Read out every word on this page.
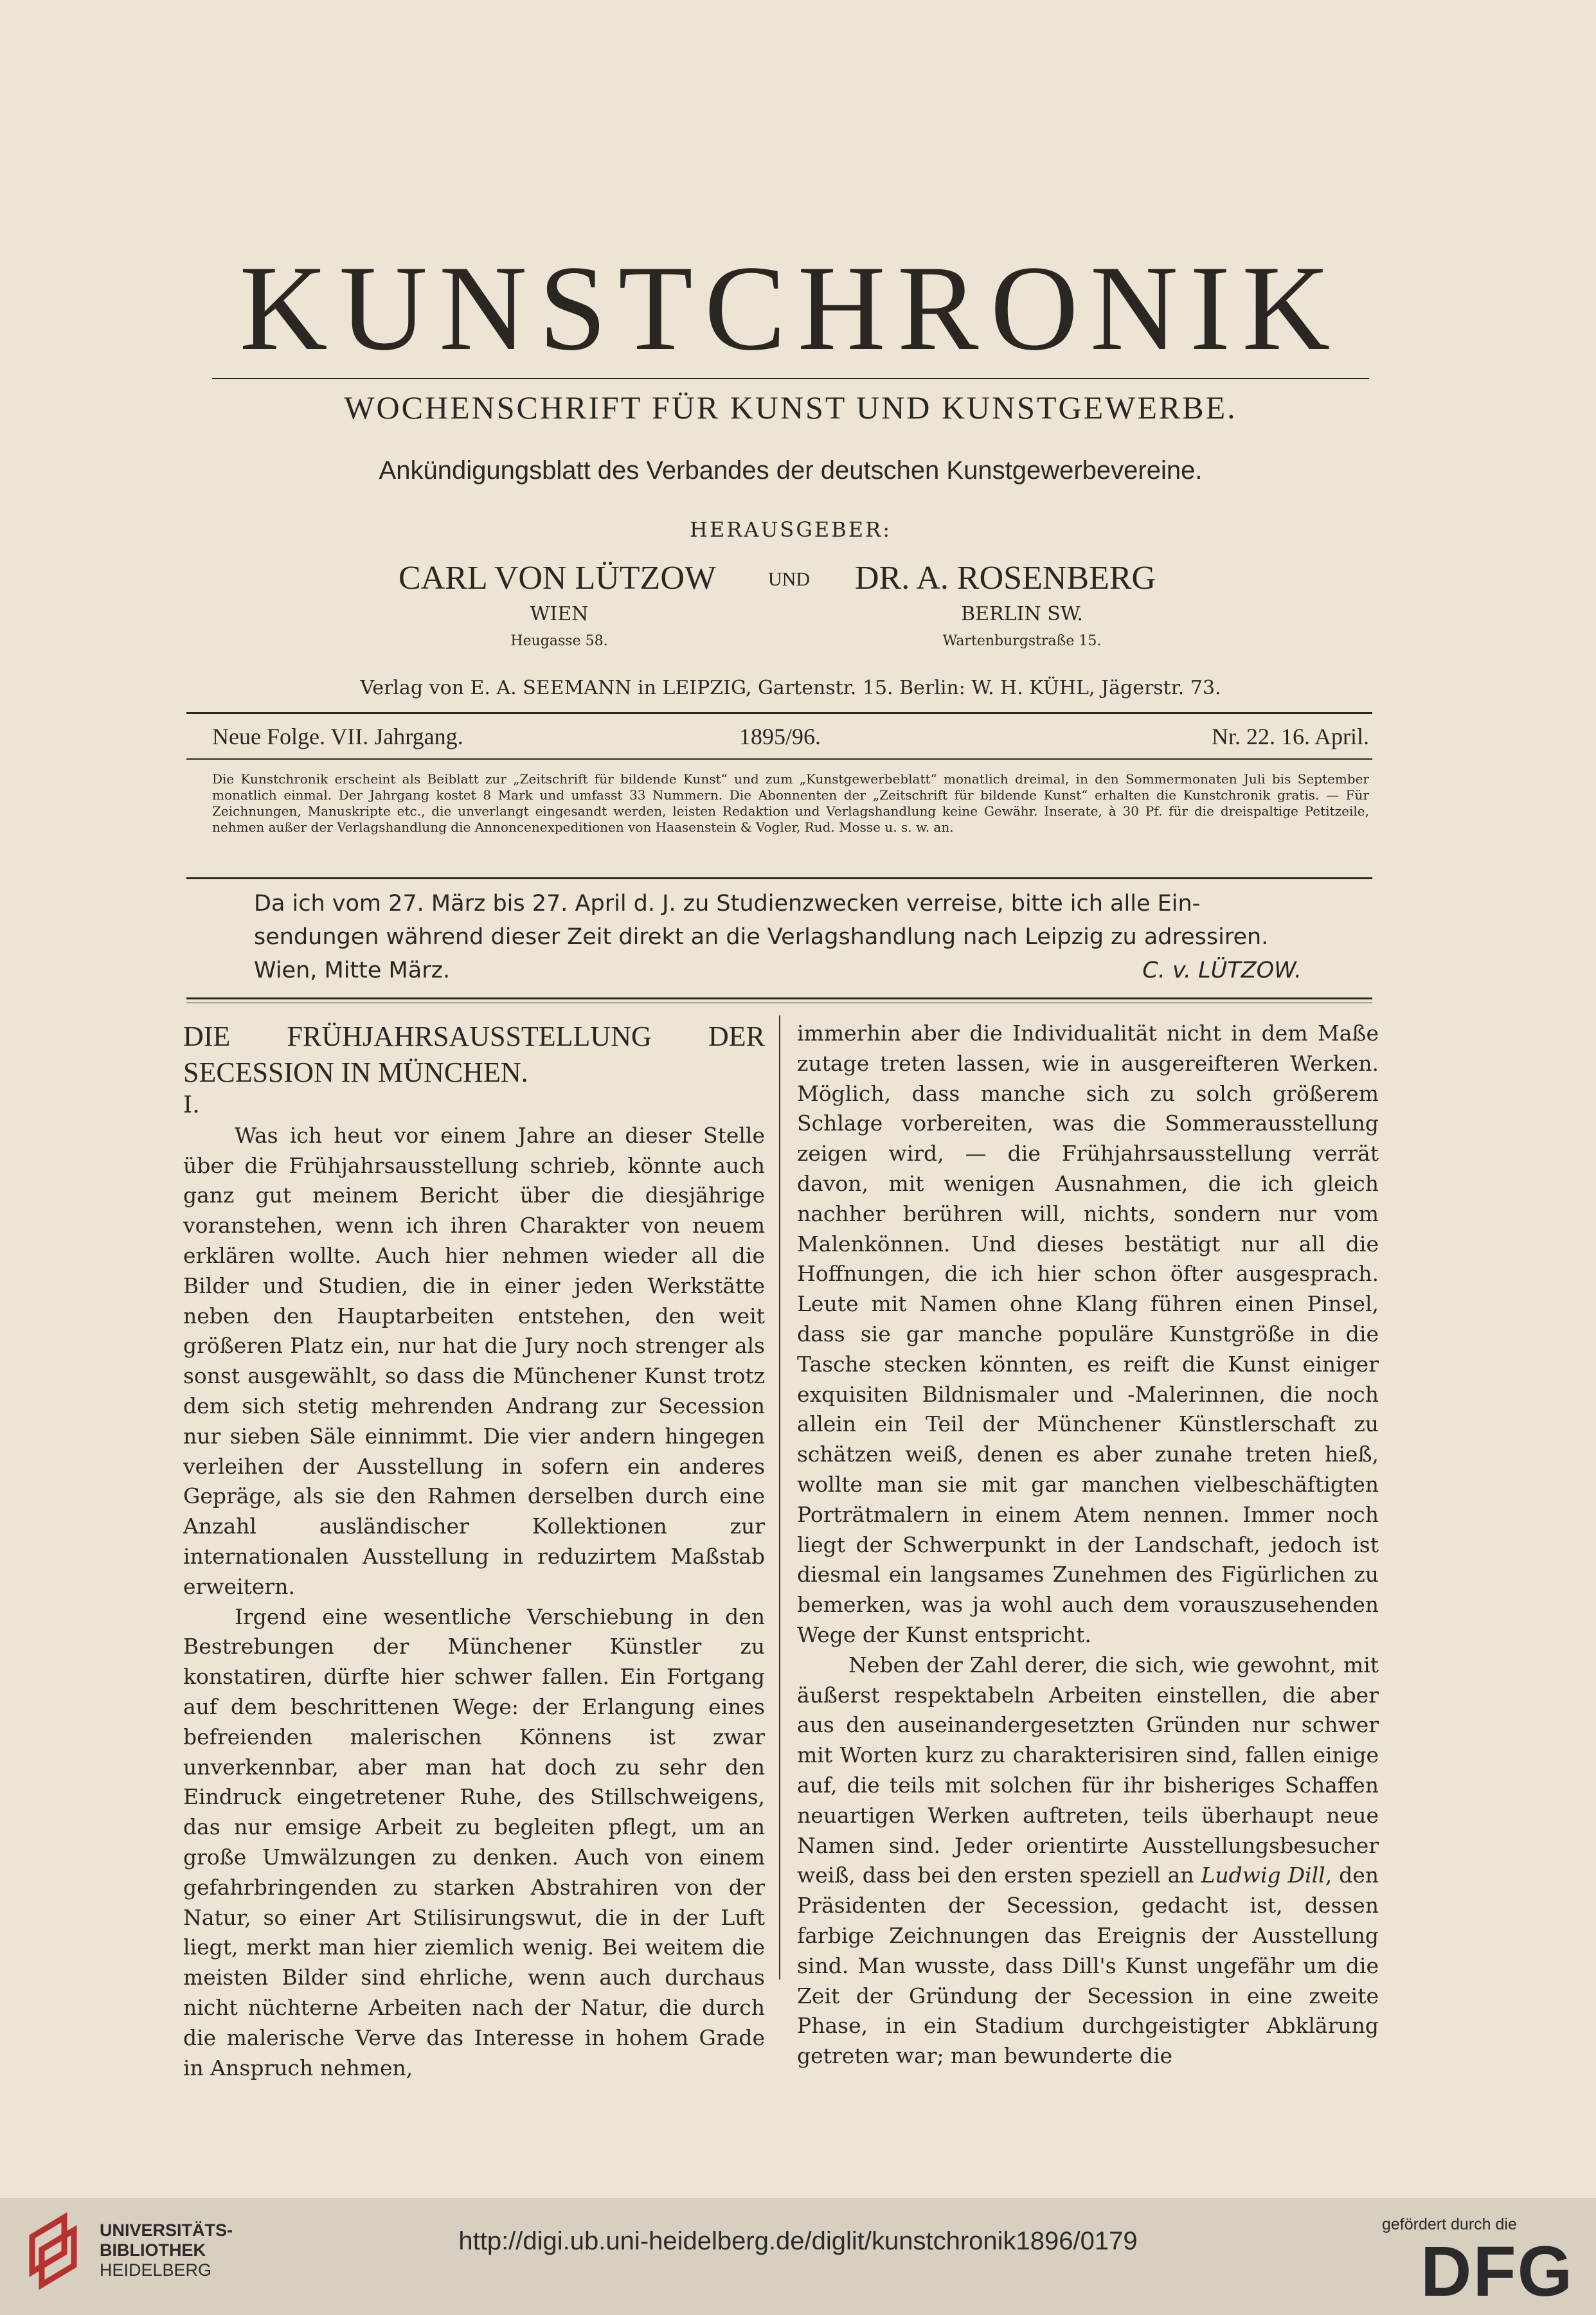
KUNSTCHRONIK
WOCHENSCHRIFT FÜR KUNST UND KUNSTGEWERBE.
Ankündigungsblatt des Verbandes der deutschen Kunstgewerbevereine.
HERAUSGEBER:
CARL VON LÜTZOW	UND DR. A. ROSENBERG
WIEN	BERLIN SW.
Heugasse 58.	Wartenburgstraße 15.
Verlag von E. A. SEEMANN in LEIPZIG, Gartenstr. 15. Berlin: W. H. KÜHL, Jägerstr. 73.
Neue Folge. VII. Jahrgang.	1895/96.	Nr. 22. 16. April.
Die Kunstchronik erscheint als Beiblatt zur „Zeitschrift für bildende Kunst“ und zum „Kunstgewerbeblatt“ monatlich dreimal, in den Sommermonaten Juli bis September monatlich einmal. Der Jahrgang kostet 8 Mark und umfasst 33 Nummern. Die Abonnenten der „Zeitschrift für bildende Kunst“ erhalten die Kunstchronik gratis. — Für Zeichnungen, Manuskripte etc., die unverlangt eingesandt werden, leisten Redaktion und Verlagshandlung keine Gewähr. Inserate, à 30 Pf. für die dreispaltige Petitzeile, nehmen außer der Verlagshandlung die Annoncenexpeditionen von Haasenstein & Vogler, Rud. Mosse u. s. w. an.
Da ich vom 27. März bis 27. April d. J. zu Studienzwecken verreise, bitte ich alle Ein-
sendungen während dieser Zeit direkt an die Verlagshandlung nach Leipzig zu adressiren.
Wien, Mitte März.	C. v. LÜTZOW.

DIE FRÜHJAHRSAUSSTELLUNG DER SECESSION IN MÜNCHEN.

I.

Was ich heut vor einem Jahre an dieser Stelle über die Frühjahrsausstellung schrieb, könnte auch ganz gut meinem Bericht über die diesjährige voranstehen, wenn ich ihren Charakter von neuem erklären wollte. Auch hier nehmen wieder all die Bilder und Studien, die in einer jeden Werkstätte neben den Hauptarbeiten entstehen, den weit größeren Platz ein, nur hat die Jury noch strenger als sonst ausgewählt, so dass die Münchener Kunst trotz dem sich stetig mehrenden Andrang zur Secession nur sieben Säle einnimmt. Die vier andern hingegen verleihen der Ausstellung in sofern ein anderes Gepräge, als sie den Rahmen derselben durch eine Anzahl ausländischer Kollektionen zur internationalen Ausstellung in reduzirtem Maßstab erweitern.

Irgend eine wesentliche Verschiebung in den Bestrebungen der Münchener Künstler zu konstatiren, dürfte hier schwer fallen. Ein Fortgang auf dem beschrittenen Wege: der Erlangung eines befreienden malerischen Könnens ist zwar unverkennbar, aber man hat doch zu sehr den Eindruck eingetretener Ruhe, des Stillschweigens, das nur emsige Arbeit zu begleiten pflegt, um an große Umwälzungen zu denken. Auch von einem gefahrbringenden zu starken Abstrahiren von der Natur, so einer Art Stilisirungswut, die in der Luft liegt, merkt man hier ziemlich wenig. Bei weitem die meisten Bilder sind ehrliche, wenn auch durchaus nicht nüchterne Arbeiten nach der Natur, die durch die malerische Verve das Interesse in hohem Grade in Anspruch nehmen,

immerhin aber die Individualität nicht in dem Maße zutage treten lassen, wie in ausgereifteren Werken. Möglich, dass manche sich zu solch größerem Schlage vorbereiten, was die Sommerausstellung zeigen wird, — die Frühjahrsausstellung verrät davon, mit wenigen Ausnahmen, die ich gleich nachher berühren will, nichts, sondern nur vom Malenkönnen. Und dieses bestätigt nur all die Hoffnungen, die ich hier schon öfter ausgesprach. Leute mit Namen ohne Klang führen einen Pinsel, dass sie gar manche populäre Kunstgröße in die Tasche stecken könnten, es reift die Kunst einiger exquisiten Bildnismaler und -Malerinnen, die noch allein ein Teil der Münchener Künstlerschaft zu schätzen weiß, denen es aber zunahe treten hieß, wollte man sie mit gar manchen vielbeschäftigten Porträtmalern in einem Atem nennen. Immer noch liegt der Schwerpunkt in der Landschaft, jedoch ist diesmal ein langsames Zunehmen des Figürlichen zu bemerken, was ja wohl auch dem vorauszusehenden Wege der Kunst entspricht.

Neben der Zahl derer, die sich, wie gewohnt, mit äußerst respektabeln Arbeiten einstellen, die aber aus den auseinandergesetzten Gründen nur schwer mit Worten kurz zu charakterisiren sind, fallen einige auf, die teils mit solchen für ihr bisheriges Schaffen neuartigen Werken auftreten, teils überhaupt neue Namen sind. Jeder orientirte Ausstellungsbesucher weiß, dass bei den ersten speziell an Ludwig Dill, den Präsidenten der Secession, gedacht ist, dessen farbige Zeichnungen das Ereignis der Ausstellung sind. Man wusste, dass Dill's Kunst ungefähr um die Zeit der Gründung der Secession in eine zweite Phase, in ein Stadium durchgeistigter Abklärung getreten war; man bewunderte die

UNIVERSITÄTS-
BIBLIOTHEK
HEIDELBERG
http://digi.ub.uni-heidelberg.de/diglit/kunstchronik1896/0179
gefördert durch die
DFG
